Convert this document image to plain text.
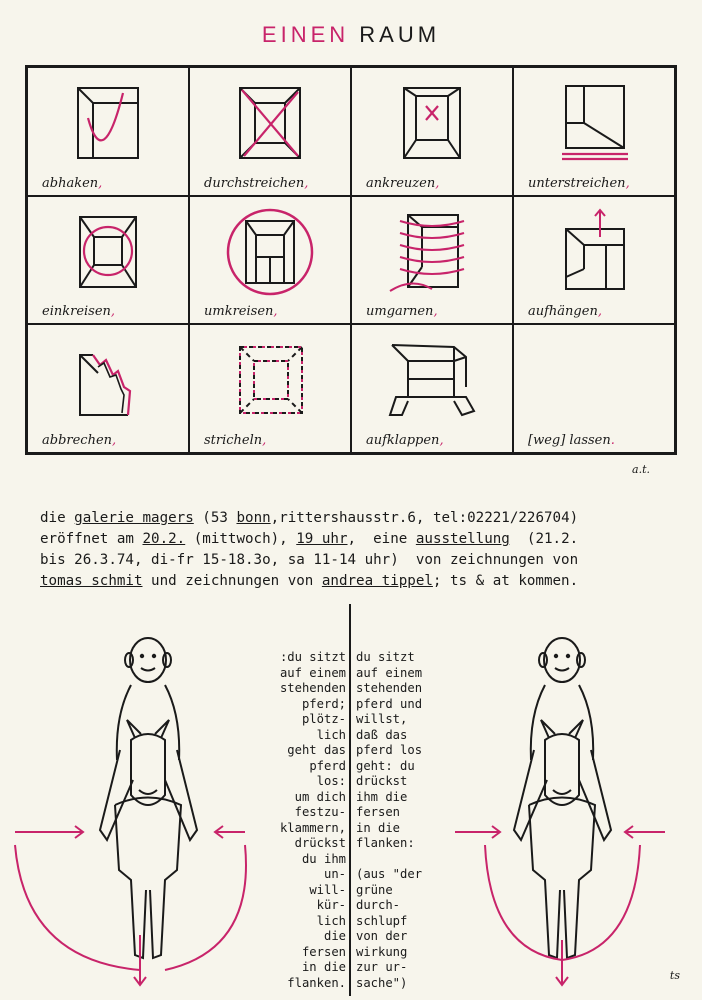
EINEN RAUM
abhaken,	durchstreichen,	ankreuzen,	unterstreichen,
einkreisen,	umkreisen,	umgarnen,	aufhängen,
abbrechen,	stricheln,	aufklappen,	[weg] lassen.
a.t.
die galerie magers (53 bonn,rittershausstr.6, tel:02221/226704)
eröffnet am 20.2. (mittwoch), 19 uhr,  eine ausstellung  (21.2.
bis 26.3.74, di-fr 15-18.3o, sa 11-14 uhr)  von zeichnungen von
tomas schmit und zeichnungen von andrea tippel; ts & at kommen.
:du sitzt
auf einem
stehenden
pferd;
plötz-
lich
geht das
pferd
los:
um dich
festzu-
klammern,
drückst
du ihm
un-
will-
kür-
lich
die
fersen
in die
flanken.
du sitzt
auf einem
stehenden
pferd und
willst,
daß das
pferd los
geht: du
drückst
ihm die
fersen
in die
flanken:

(aus "der
grüne
durch-
schlupf
von der
wirkung
zur ur-
sache")	ts
